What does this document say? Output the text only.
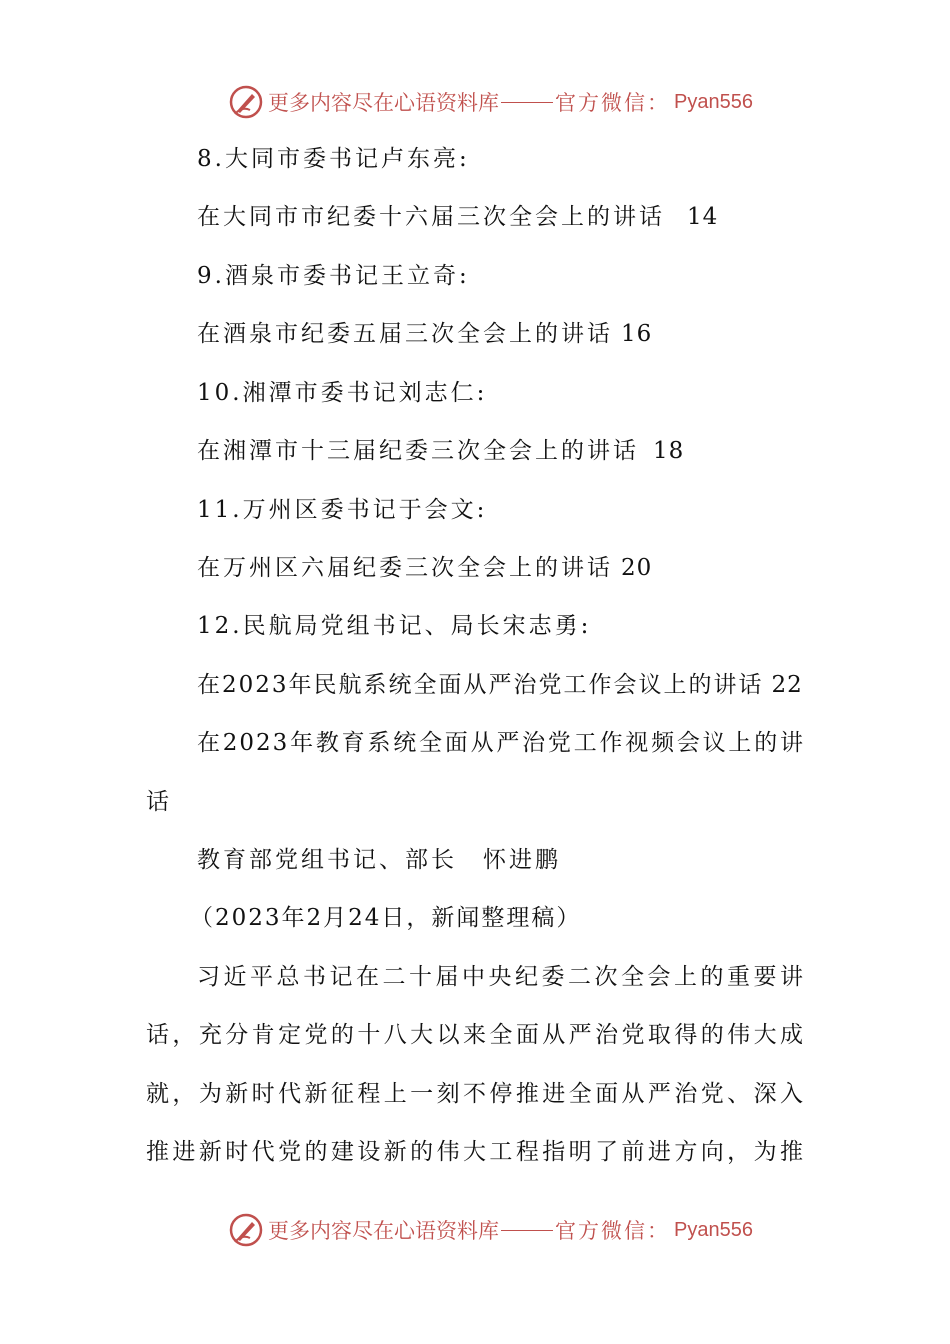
更多内容尽在心语资料库	官方微信： Pyan556
8.大同市委书记卢东亮:
在大同市市纪委十六届三次全会上的讲话 14
9.酒泉市委书记王立奇:
在酒泉市纪委五届三次全会上的讲话 16
10.湘潭市委书记刘志仁:
在湘潭市十三届纪委三次全会上的讲话 18
11.万州区委书记于会文:
在万州区六届纪委三次全会上的讲话 20
12.民航局党组书记、局长宋志勇:
在2023年民航系统全面从严治党工作会议上的讲话 22
在2023年教育系统全面从严治党工作视频会议上的讲
话
教育部党组书记、部长 怀进鹏
（2023年2月24日，新闻整理稿）
习近平总书记在二十届中央纪委二次全会上的重要讲
话，充分肯定党的十八大以来全面从严治党取得的伟大成
就，为新时代新征程上一刻不停推进全面从严治党、深入
推进新时代党的建设新的伟大工程指明了前进方向，为推
更多内容尽在心语资料库	官方微信： Pyan556
